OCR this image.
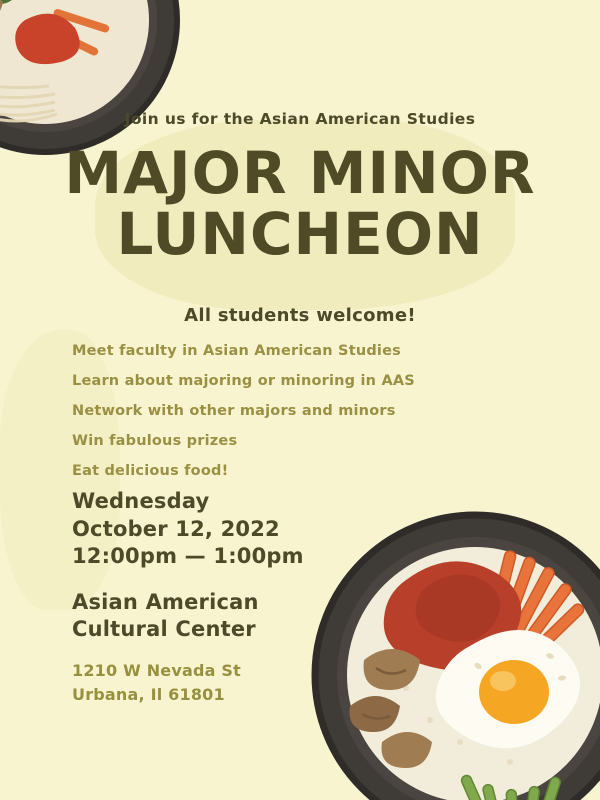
Join us for the Asian American Studies
MAJOR MINOR
LUNCHEON
All students welcome!
Meet faculty in Asian American Studies
Learn about majoring or minoring in AAS
Network with other majors and minors
Win fabulous prizes
Eat delicious food!
Wednesday
October 12, 2022
12:00pm — 1:00pm
Asian American
Cultural Center
1210 W Nevada St
Urbana, Il 61801
